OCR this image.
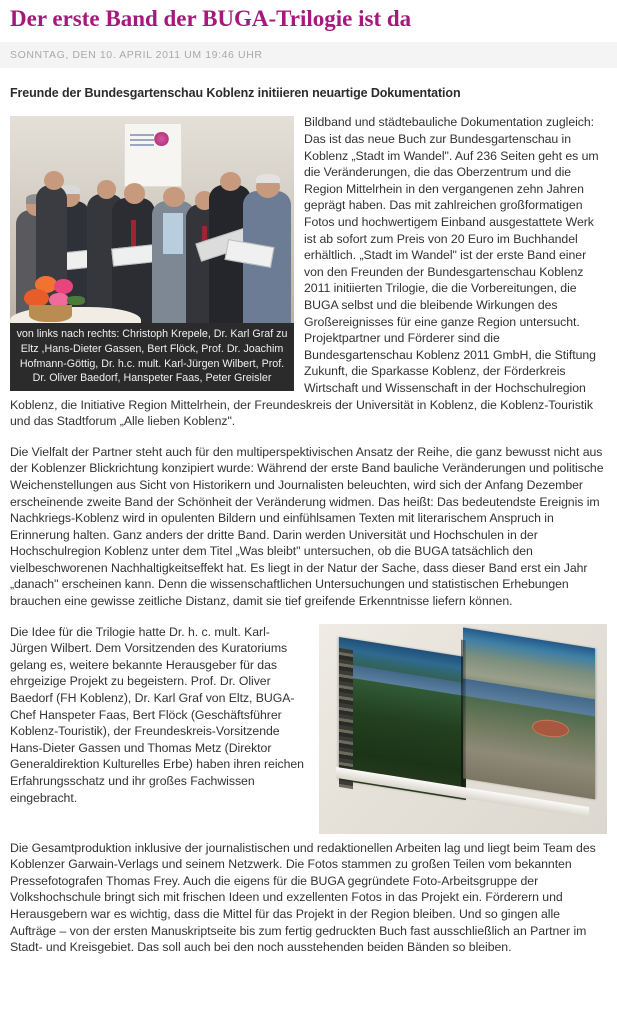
Der erste Band der BUGA-Trilogie ist da
SONNTAG, DEN 10. APRIL 2011 UM 19:46 UHR
Freunde der Bundesgartenschau Koblenz initiieren neuartige Dokumentation
von links nach rechts: Christoph Krepele, Dr. Karl Graf zu Eltz ,Hans-Dieter Gassen, Bert Flöck, Prof. Dr. Joachim Hofmann-Göttig, Dr. h.c. mult. Karl-Jürgen Wilbert, Prof. Dr. Oliver Baedorf, Hanspeter Faas, Peter Greisler

Bildband und städtebauliche Dokumentation zugleich: Das ist das neue Buch zur Bundesgartenschau in Koblenz „Stadt im Wandel". Auf 236 Seiten geht es um die Veränderungen, die das Oberzentrum und die Region Mittelrhein in den vergangenen zehn Jahren geprägt haben. Das mit zahlreichen großformatigen Fotos und hochwertigem Einband ausgestattete Werk ist ab sofort zum Preis von 20 Euro im Buchhandel erhältlich. „Stadt im Wandel" ist der erste Band einer von den Freunden der Bundesgartenschau Koblenz 2011 initiierten Trilogie, die die Vorbereitungen, die BUGA selbst und die bleibende Wirkungen des Großereignisses für eine ganze Region untersucht. Projektpartner und Förderer sind die Bundesgartenschau Koblenz 2011 GmbH, die Stiftung Zukunft, die Sparkasse Koblenz, der Förderkreis Wirtschaft und Wissenschaft in der Hochschulregion Koblenz, die Initiative Region Mittelrhein, der Freundeskreis der Universität in Koblenz, die Koblenz-Touristik und das Stadtforum „Alle lieben Koblenz".

Die Vielfalt der Partner steht auch für den multiperspektivischen Ansatz der Reihe, die ganz bewusst nicht aus der Koblenzer Blickrichtung konzipiert wurde: Während der erste Band bauliche Veränderungen und politische Weichenstellungen aus Sicht von Historikern und Journalisten beleuchten, wird sich der Anfang Dezember erscheinende zweite Band der Schönheit der Veränderung widmen. Das heißt: Das bedeutendste Ereignis im Nachkriegs-Koblenz wird in opulenten Bildern und einfühlsamen Texten mit literarischem Anspruch in Erinnerung halten. Ganz anders der dritte Band. Darin werden Universität und Hochschulen in der Hochschulregion Koblenz unter dem Titel „Was bleibt" untersuchen, ob die BUGA tatsächlich den vielbeschworenen Nachhaltigkeitseffekt hat. Es liegt in der Natur der Sache, dass dieser Band erst ein Jahr „danach" erscheinen kann. Denn die wissenschaftlichen Untersuchungen und statistischen Erhebungen brauchen eine gewisse zeitliche Distanz, damit sie tief greifende Erkenntnisse liefern können.

Die Idee für die Trilogie hatte Dr. h. c. mult. Karl-Jürgen Wilbert. Dem Vorsitzenden des Kuratoriums gelang es, weitere bekannte Herausgeber für das ehrgeizige Projekt zu begeistern. Prof. Dr. Oliver Baedorf (FH Koblenz), Dr. Karl Graf von Eltz, BUGA-Chef Hanspeter Faas, Bert Flöck (Geschäftsführer Koblenz-Touristik), der Freundeskreis-Vorsitzende Hans-Dieter Gassen und Thomas Metz (Direktor Generaldirektion Kulturelles Erbe) haben ihren reichen Erfahrungsschatz und ihr großes Fachwissen eingebracht.

Die Gesamtproduktion inklusive der journalistischen und redaktionellen Arbeiten lag und liegt beim Team des Koblenzer Garwain-Verlags und seinem Netzwerk. Die Fotos stammen zu großen Teilen vom bekannten Pressefotografen Thomas Frey. Auch die eigens für die BUGA gegründete Foto-Arbeitsgruppe der Volkshochschule bringt sich mit frischen Ideen und exzellenten Fotos in das Projekt ein. Förderern und Herausgebern war es wichtig, dass die Mittel für das Projekt in der Region bleiben. Und so gingen alle Aufträge – von der ersten Manuskriptseite bis zum fertig gedruckten Buch fast ausschließlich an Partner im Stadt- und Kreisgebiet. Das soll auch bei den noch ausstehenden beiden Bänden so bleiben.
